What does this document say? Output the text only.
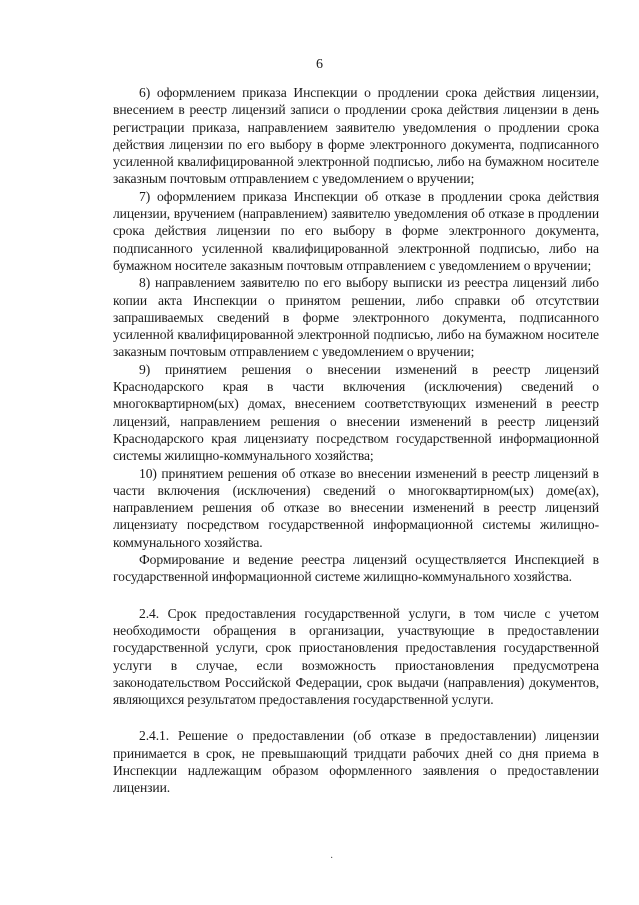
6

6) оформлением приказа Инспекции о продлении срока действия лицензии, внесением в реестр лицензий записи о продлении срока действия лицензии в день регистрации приказа, направлением заявителю уведомления о продлении срока действия лицензии по его выбору в форме электронного документа, подписанного усиленной квалифицированной электронной подписью, либо на бумажном носителе заказным почтовым отправлением с уведомлением о вручении;

7) оформлением приказа Инспекции об отказе в продлении срока действия лицензии, вручением (направлением) заявителю уведомления об отказе в продлении срока действия лицензии по его выбору в форме электронного документа, подписанного усиленной квалифицированной электронной подписью, либо на бумажном носителе заказным почтовым отправлением с уведомлением о вручении;

8) направлением заявителю по его выбору выписки из реестра лицензий либо копии акта Инспекции о принятом решении, либо справки об отсутствии запрашиваемых сведений в форме электронного документа, подписанного усиленной квалифицированной электронной подписью, либо на бумажном носителе заказным почтовым отправлением с уведомлением о вручении;

9) принятием решения о внесении изменений в реестр лицензий Краснодарского края в части включения (исключения) сведений о многоквартирном(ых) домах, внесением соответствующих изменений в реестр лицензий, направлением решения о внесении изменений в реестр лицензий Краснодарского края лицензиату посредством государственной информационной системы жилищно-коммунального хозяйства;

10) принятием решения об отказе во внесении изменений в реестр лицензий в части включения (исключения) сведений о многоквартирном(ых) доме(ах), направлением решения об отказе во внесении изменений в реестр лицензий лицензиату посредством государственной информационной системы жилищно-коммунального хозяйства.

Формирование и ведение реестра лицензий осуществляется Инспекцией в государственной информационной системе жилищно-коммунального хозяйства.

2.4. Срок предоставления государственной услуги, в том числе с учетом необходимости обращения в организации, участвующие в предоставлении государственной услуги, срок приостановления предоставления государственной услуги в случае, если возможность приостановления предусмотрена законодательством Российской Федерации, срок выдачи (направления) документов, являющихся результатом предоставления государственной услуги.

2.4.1. Решение о предоставлении (об отказе в предоставлении) лицензии принимается в срок, не превышающий тридцати рабочих дней со дня приема в Инспекции надлежащим образом оформленного заявления о предоставлении лицензии.

·
